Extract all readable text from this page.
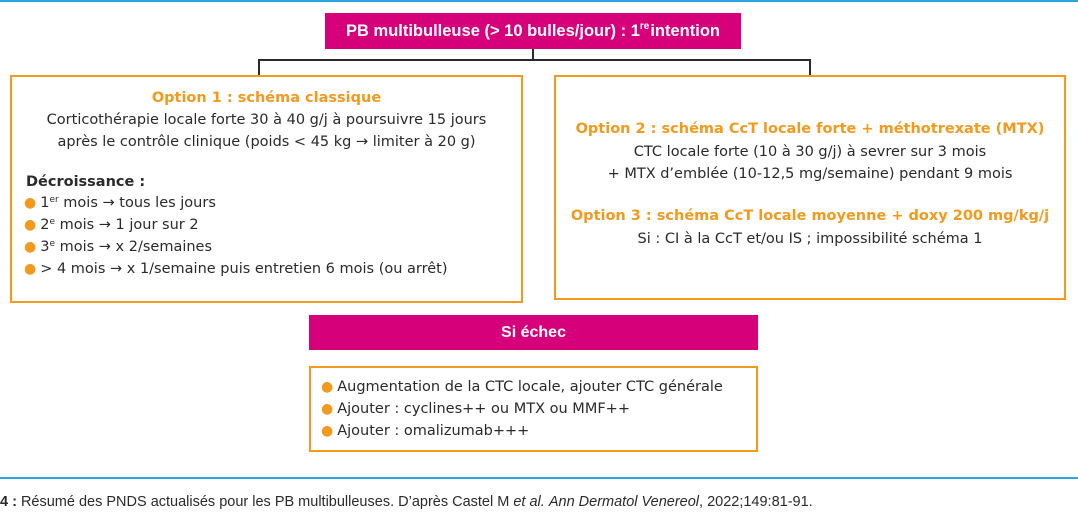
PB multibulleuse (> 10 bulles/jour) : 1re intention
Option 1 : schéma classique
Corticothérapie locale forte 30 à 40 g/j à poursuivre 15 jours
après le contrôle clinique (poids < 45 kg → limiter à 20 g)
Décroissance :
● 1er mois → tous les jours
● 2e mois → 1 jour sur 2
● 3e mois → x 2/semaines
● > 4 mois → x 1/semaine puis entretien 6 mois (ou arrêt)
Option 2 : schéma CcT locale forte + méthotrexate (MTX)
CTC locale forte (10 à 30 g/j) à sevrer sur 3 mois
+ MTX d’emblée (10-12,5 mg/semaine) pendant 9 mois
Option 3 : schéma CcT locale moyenne + doxy 200 mg/kg/j
Si : CI à la CcT et/ou IS ; impossibilité schéma 1
Si échec
● Augmentation de la CTC locale, ajouter CTC générale
● Ajouter : cyclines++ ou MTX ou MMF++
● Ajouter : omalizumab+++
4 : Résumé des PNDS actualisés pour les PB multibulleuses. D’après Castel M et al. Ann Dermatol Venereol, 2022;149:81-91.
